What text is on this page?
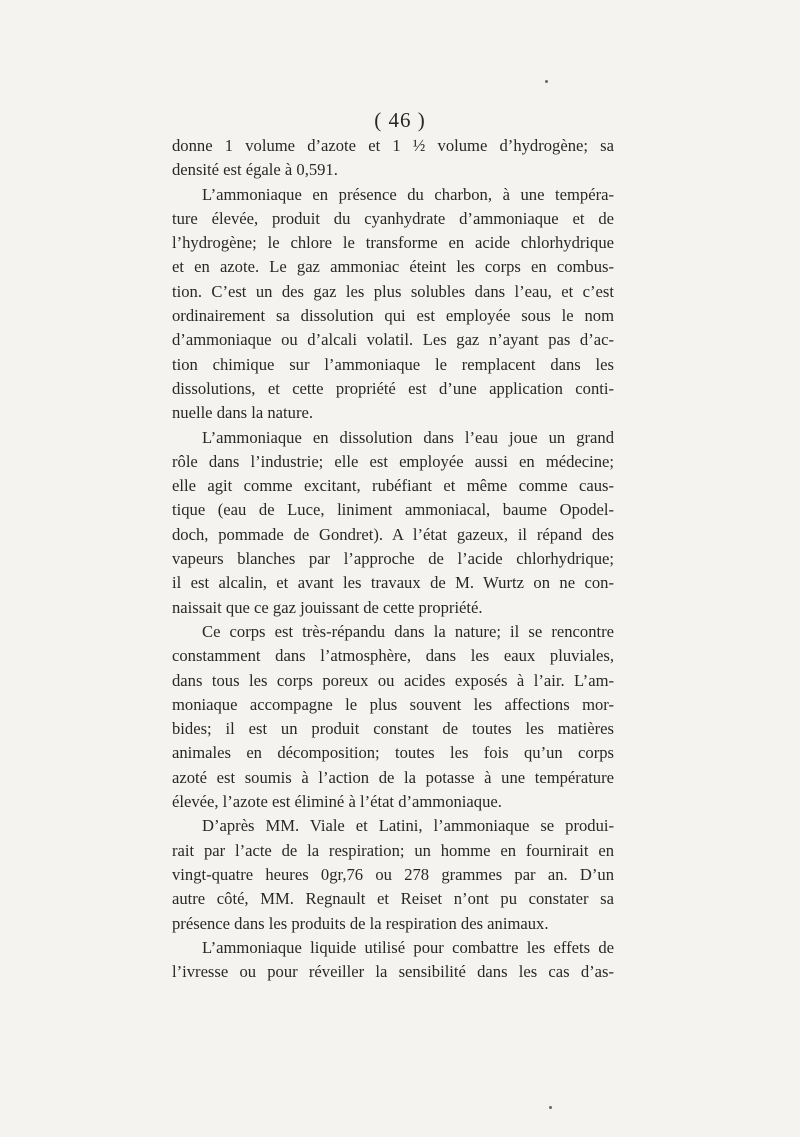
( 46 )
donne 1 volume d’azote et 1 ½ volume d’hydrogène; sa
densité est égale à 0,591.
L’ammoniaque en présence du charbon, à une tempéra-
ture élevée, produit du cyanhydrate d’ammoniaque et de
l’hydrogène; le chlore le transforme en acide chlorhydrique
et en azote. Le gaz ammoniac éteint les corps en combus-
tion. C’est un des gaz les plus solubles dans l’eau, et c’est
ordinairement sa dissolution qui est employée sous le nom
d’ammoniaque ou d’alcali volatil. Les gaz n’ayant pas d’ac-
tion chimique sur l’ammoniaque le remplacent dans les
dissolutions, et cette propriété est d’une application conti-
nuelle dans la nature.
L’ammoniaque en dissolution dans l’eau joue un grand
rôle dans l’industrie; elle est employée aussi en médecine;
elle agit comme excitant, rubéfiant et même comme caus-
tique (eau de Luce, liniment ammoniacal, baume Opodel-
doch, pommade de Gondret). A l’état gazeux, il répand des
vapeurs blanches par l’approche de l’acide chlorhydrique;
il est alcalin, et avant les travaux de M. Wurtz on ne con-
naissait que ce gaz jouissant de cette propriété.
Ce corps est très-répandu dans la nature; il se rencontre
constamment dans l’atmosphère, dans les eaux pluviales,
dans tous les corps poreux ou acides exposés à l’air. L’am-
moniaque accompagne le plus souvent les affections mor-
bides; il est un produit constant de toutes les matières
animales en décomposition; toutes les fois qu’un corps
azoté est soumis à l’action de la potasse à une température
élevée, l’azote est éliminé à l’état d’ammoniaque.
D’après MM. Viale et Latini, l’ammoniaque se produi-
rait par l’acte de la respiration; un homme en fournirait en
vingt-quatre heures 0gr,76 ou 278 grammes par an. D’un
autre côté, MM. Regnault et Reiset n’ont pu constater sa
présence dans les produits de la respiration des animaux.
L’ammoniaque liquide utilisé pour combattre les effets de
l’ivresse ou pour réveiller la sensibilité dans les cas d’as-
